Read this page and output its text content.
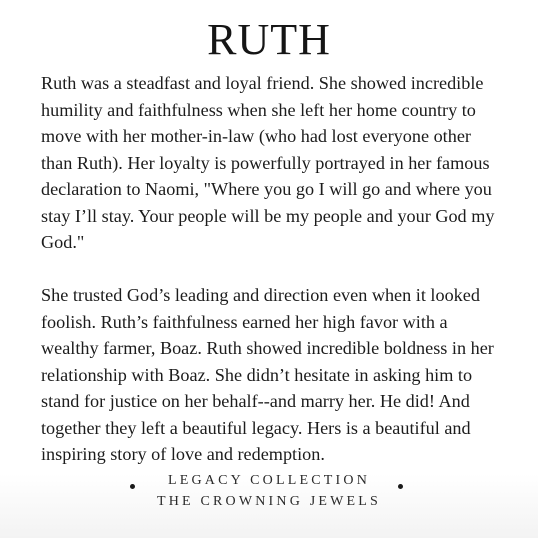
RUTH

Ruth was a steadfast and loyal friend. She showed incredible
humility and faithfulness when she left her home country to
move with her mother-in-law (who had lost everyone other
than Ruth). Her loyalty is powerfully portrayed in her famous
declaration to Naomi, "Where you go I will go and where you
stay I’ll stay. Your people will be my people and your God my
God."

She trusted God’s leading and direction even when it looked
foolish. Ruth’s faithfulness earned her high favor with a
wealthy farmer, Boaz. Ruth showed incredible boldness in her
relationship with Boaz. She didn’t hesitate in asking him to
stand for justice on her behalf--and marry her. He did! And
together they left a beautiful legacy. Hers is a beautiful and
inspiring story of love and redemption.

LEGACY COLLECTION
THE CROWNING JEWELS
